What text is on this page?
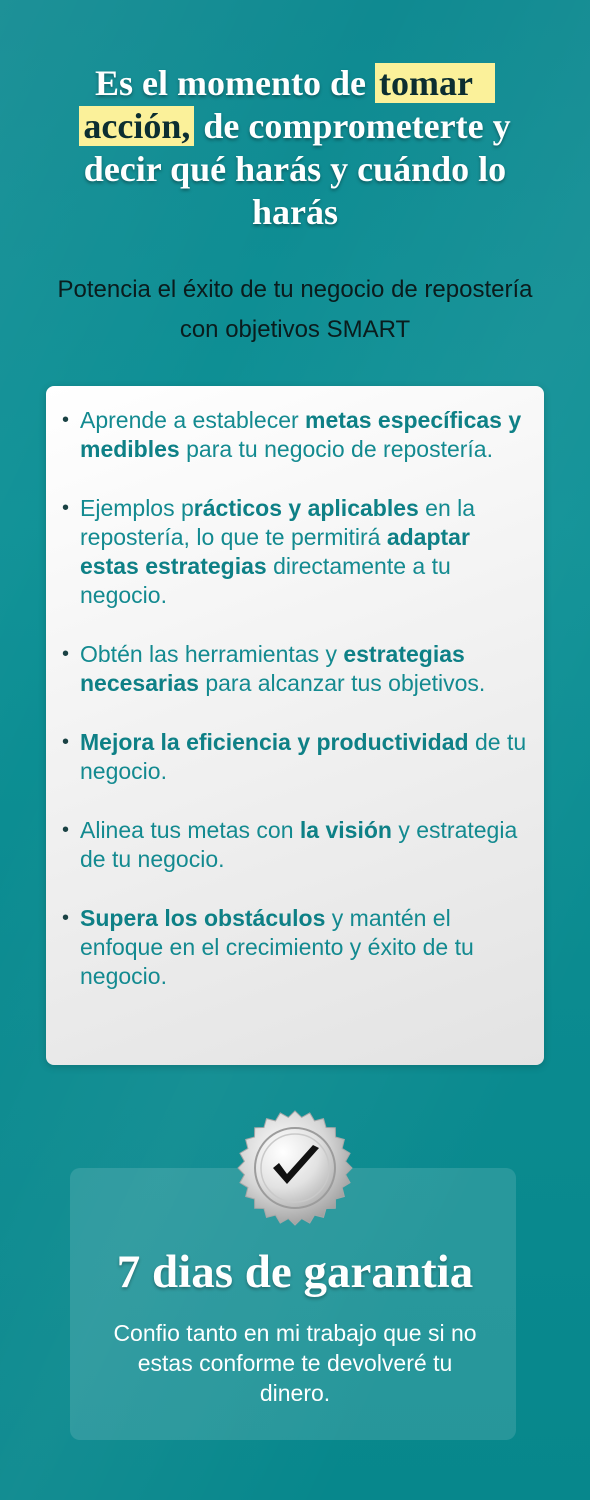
Es el momento de tomar acción, de comprometerte y decir qué harás y cuándo lo harás

Potencia el éxito de tu negocio de repostería con objetivos SMART

• Aprende a establecer metas específicas y medibles para tu negocio de repostería.
• Ejemplos prácticos y aplicables en la repostería, lo que te permitirá adaptar estas estrategias directamente a tu negocio.
• Obtén las herramientas y estrategias necesarias para alcanzar tus objetivos.
• Mejora la eficiencia y productividad de tu negocio.
• Alinea tus metas con la visión y estrategia de tu negocio.
• Supera los obstáculos y mantén el enfoque en el crecimiento y éxito de tu negocio.
7 dias de garantia
Confio tanto en mi trabajo que si no estas conforme te devolveré tu dinero.
